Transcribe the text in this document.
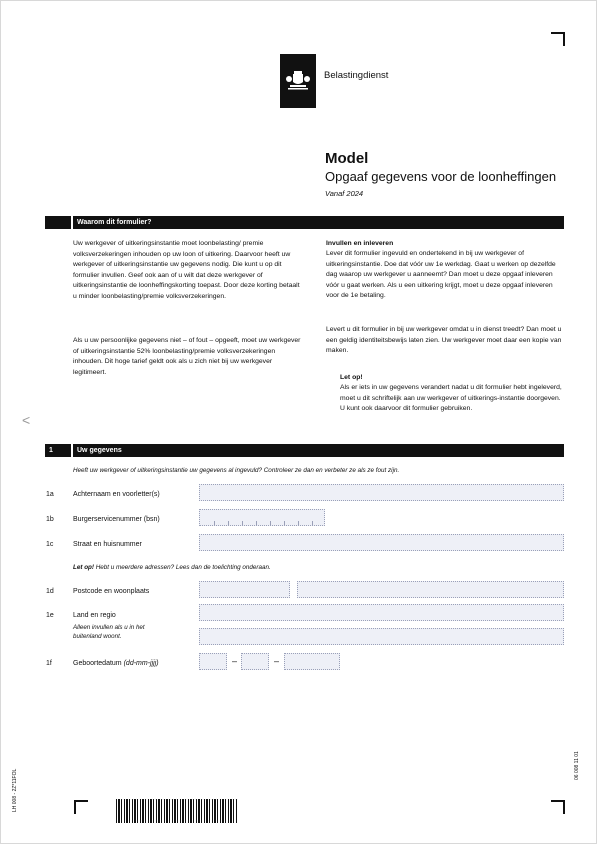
Belastingdienst
Model
Opgaaf gegevens voor de loonheffingen
Vanaf 2024
Waarom dit formulier?
Uw werkgever of uitkeringsinstantie moet loonbelasting/ premie volksverzekeringen inhouden op uw loon of uitkering. Daarvoor heeft uw werkgever of uitkeringsinstantie uw gegevens nodig. Die kunt u op dit formulier invullen. Geef ook aan of u wilt dat deze werkgever of uitkeringsinstantie de loonheffingskorting toepast. Door deze korting betaalt u minder loonbelasting/premie volksverzekeringen.
Als u uw persoonlijke gegevens niet – of fout – opgeeft, moet uw werkgever of uitkeringsinstantie 52% loonbelasting/premie volksverzekeringen inhouden. Dit hoge tarief geldt ook als u zich niet bij uw werkgever legitimeert.
Invullen en inleveren
Lever dit formulier ingevuld en ondertekend in bij uw werkgever of uitkeringsinstantie. Doe dat vóór uw 1e werkdag. Gaat u werken op dezelfde dag waarop uw werkgever u aanneemt? Dan moet u deze opgaaf inleveren vóór u gaat werken. Als u een uitkering krijgt, moet u deze opgaaf inleveren voor de 1e betaling.
Levert u dit formulier in bij uw werkgever omdat u in dienst treedt? Dan moet u een geldig identiteitsbewijs laten zien. Uw werkgever moet daar een kopie van maken.
Let op!
Als er iets in uw gegevens verandert nadat u dit formulier hebt ingeleverd, moet u dit schriftelijk aan uw werkgever of uitkerings-instantie doorgeven. U kunt ook daarvoor dit formulier gebruiken.
<
1	Uw gegevens
Heeft uw werkgever of uitkeringsinstantie uw gegevens al ingevuld? Controleer ze dan en verbeter ze als ze fout zijn.
1a	Achternaam en voorletter(s)
1b	Burgerservicenummer (bsn)
1c	Straat en huisnummer
Let op! Hebt u meerdere adressen? Lees dan de toelichting onderaan.
1d	Postcode en woonplaats
1e	Land en regio
Alleen invullen als u in het buitenland woont.
1f	Geboortedatum (dd-mm-jjjj)	–	–
LH 008 - 2Z*11FOL
06 008 11 01
